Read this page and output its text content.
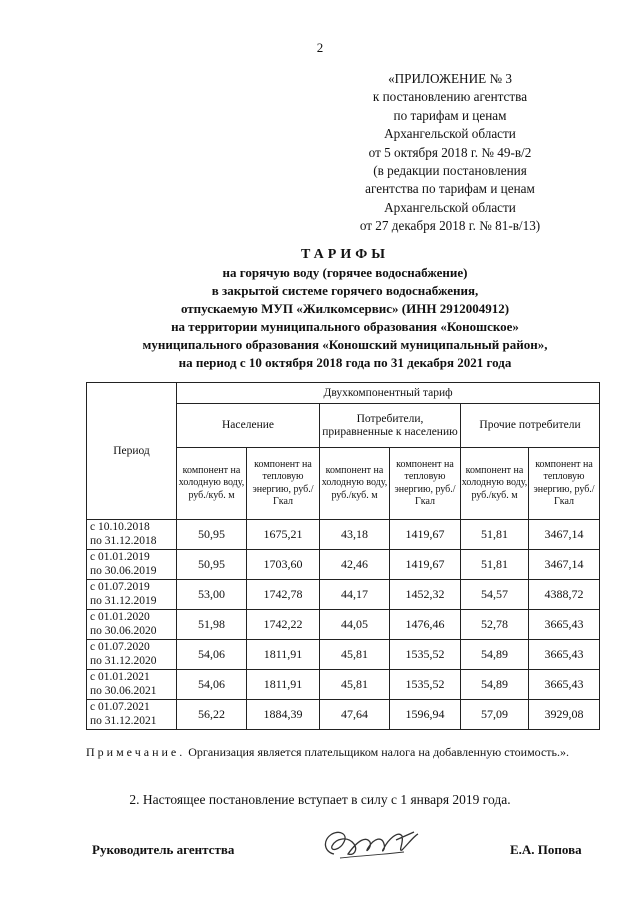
2
«ПРИЛОЖЕНИЕ № 3
к постановлению агентства
по тарифам и ценам
Архангельской области
от 5 октября 2018 г. № 49-в/2
(в редакции постановления
агентства по тарифам и ценам
Архангельской области
от 27 декабря 2018 г. № 81-в/13)
ТАРИФЫ
на горячую воду (горячее водоснабжение)
в закрытой системе горячего водоснабжения,
отпускаемую МУП «Жилкомсервис» (ИНН 2912004912)
на территории муниципального образования «Коношское»
муниципального образования «Коношский муниципальный район»,
на период с 10 октября 2018 года по 31 декабря 2021 года
Период	Двухкомпонентный тариф					
	Население		Потребители, приравненные к населению		Прочие потребители	
	компонент на холодную воду, руб./куб. м	компонент на тепловую энергию, руб./Гкал	компонент на холодную воду, руб./куб. м	компонент на тепловую энергию, руб./Гкал	компонент на холодную воду, руб./куб. м	компонент на тепловую энергию, руб./Гкал

с 10.10.2018
по 31.12.2018	50,95	1675,21	43,18	1419,67	51,81	3467,14

с 01.01.2019
по 30.06.2019	50,95	1703,60	42,46	1419,67	51,81	3467,14

с 01.07.2019
по 31.12.2019	53,00	1742,78	44,17	1452,32	54,57	4388,72

с 01.01.2020
по 30.06.2020	51,98	1742,22	44,05	1476,46	52,78	3665,43

с 01.07.2020
по 31.12.2020	54,06	1811,91	45,81	1535,52	54,89	3665,43

с 01.01.2021
по 30.06.2021	54,06	1811,91	45,81	1535,52	54,89	3665,43

с 01.07.2021
по 31.12.2021	56,22	1884,39	47,64	1596,94	57,09	3929,08
Примечание. Организация является плательщиком налога на добавленную стоимость.».
2. Настоящее постановление вступает в силу с 1 января 2019 года.
Руководитель агентства	Е.А. Попова
